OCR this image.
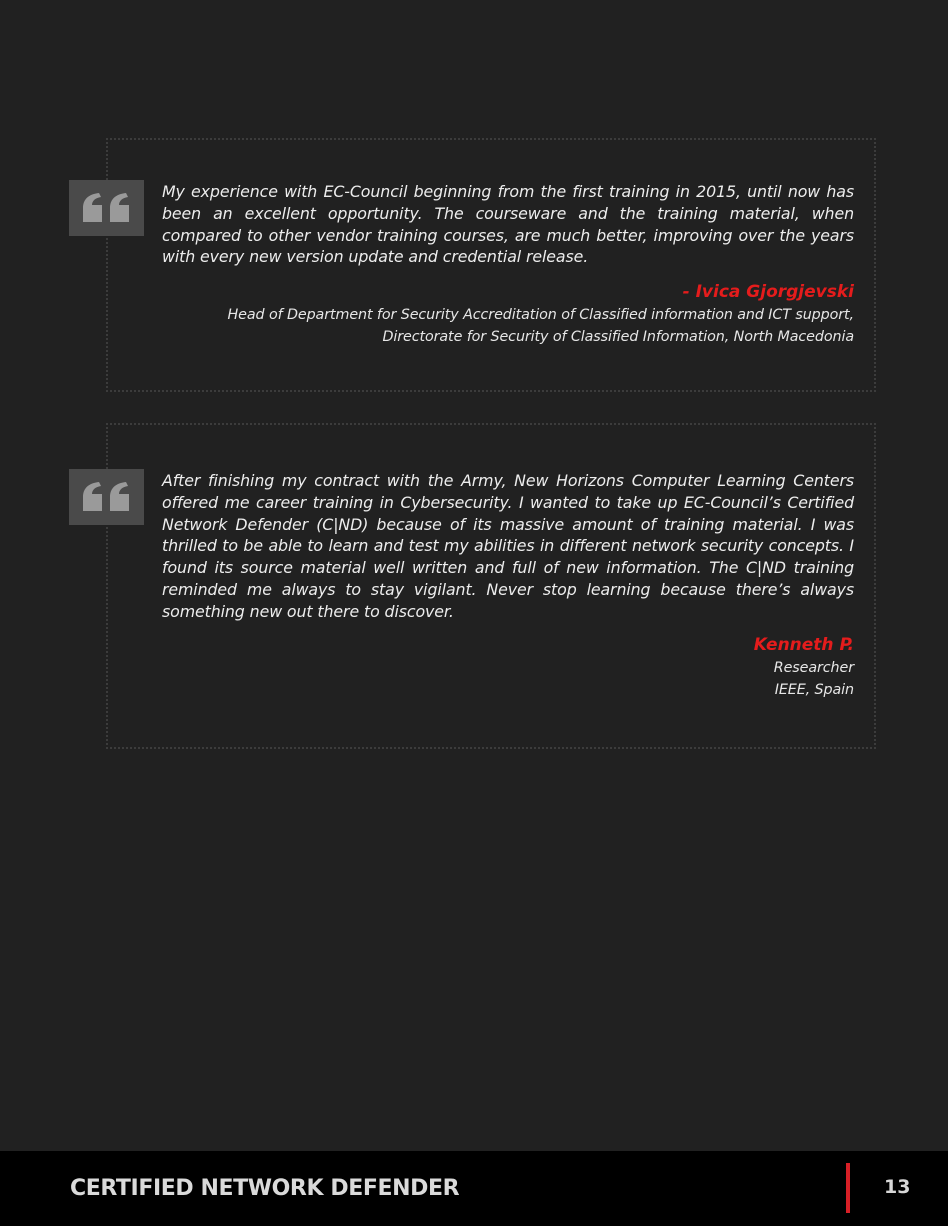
My experience with EC-Council beginning from the first training in 2015, until now has been an excellent opportunity. The courseware and the training material, when compared to other vendor training courses, are much better, improving over the years with every new version update and credential release.

- Ivica Gjorgjevski
Head of Department for Security Accreditation of Classified information and ICT support,
Directorate for Security of Classified Information, North Macedonia

After finishing my contract with the Army, New Horizons Computer Learning Centers offered me career training in Cybersecurity. I wanted to take up EC-Council’s Certified Network Defender (C|ND) because of its massive amount of training material. I was thrilled to be able to learn and test my abilities in different network security concepts. I found its source material well written and full of new information. The C|ND training reminded me always to stay vigilant. Never stop learning because there’s always something new out there to discover.

Kenneth P.
Researcher
IEEE, Spain
CERTIFIED NETWORK DEFENDER	13
